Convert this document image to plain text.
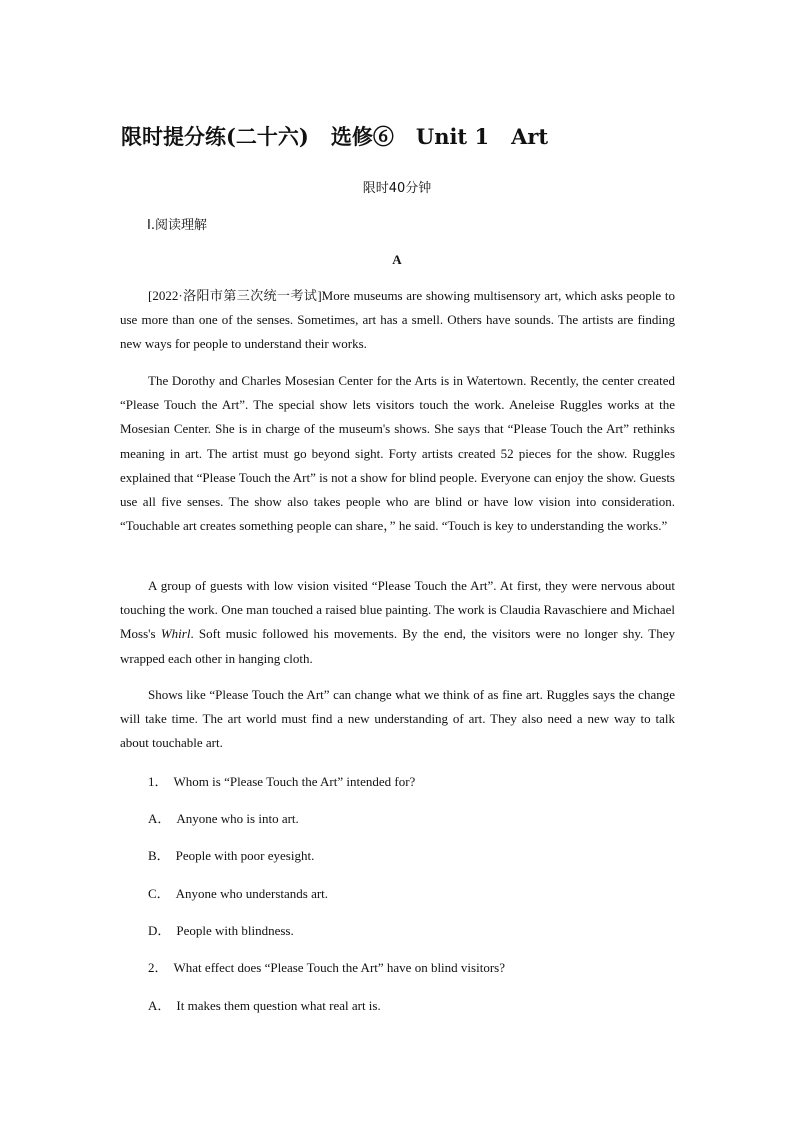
限时提分练(二十六) 选修⑥ Unit 1 Art
限时40分钟
Ⅰ.阅读理解
A

[2022·洛阳市第三次统一考试]More museums are showing multisensory art, which asks people to use more than one of the senses. Sometimes, art has a smell. Others have sounds. The artists are finding new ways for people to understand their works.

The Dorothy and Charles Mosesian Center for the Arts is in Watertown. Recently, the center created “Please Touch the Art”. The special show lets visitors touch the work. Aneleise Ruggles works at the Mosesian Center. She is in charge of the museum's shows. She says that “Please Touch the Art” rethinks meaning in art. The artist must go beyond sight. Forty artists created 52 pieces for the show. Ruggles explained that “Please Touch the Art” is not a show for blind people. Everyone can enjoy the show. Guests use all five senses. The show also takes people who are blind or have low vision into consideration. “Touchable art creates something people can share，” he said. “Touch is key to understanding the works.”

A group of guests with low vision visited “Please Touch the Art”. At first, they were nervous about touching the work. One man touched a raised blue painting. The work is Claudia Ravaschiere and Michael Moss's Whirl. Soft music followed his movements. By the end, the visitors were no longer shy. They wrapped each other in hanging cloth.

Shows like “Please Touch the Art” can change what we think of as fine art. Ruggles says the change will take time. The art world must find a new understanding of art. They also need a new way to talk about touchable art.

1． Whom is “Please Touch the Art” intended for?
A． Anyone who is into art.
B． People with poor eyesight.
C． Anyone who understands art.
D． People with blindness.
2． What effect does “Please Touch the Art” have on blind visitors?
A． It makes them question what real art is.
